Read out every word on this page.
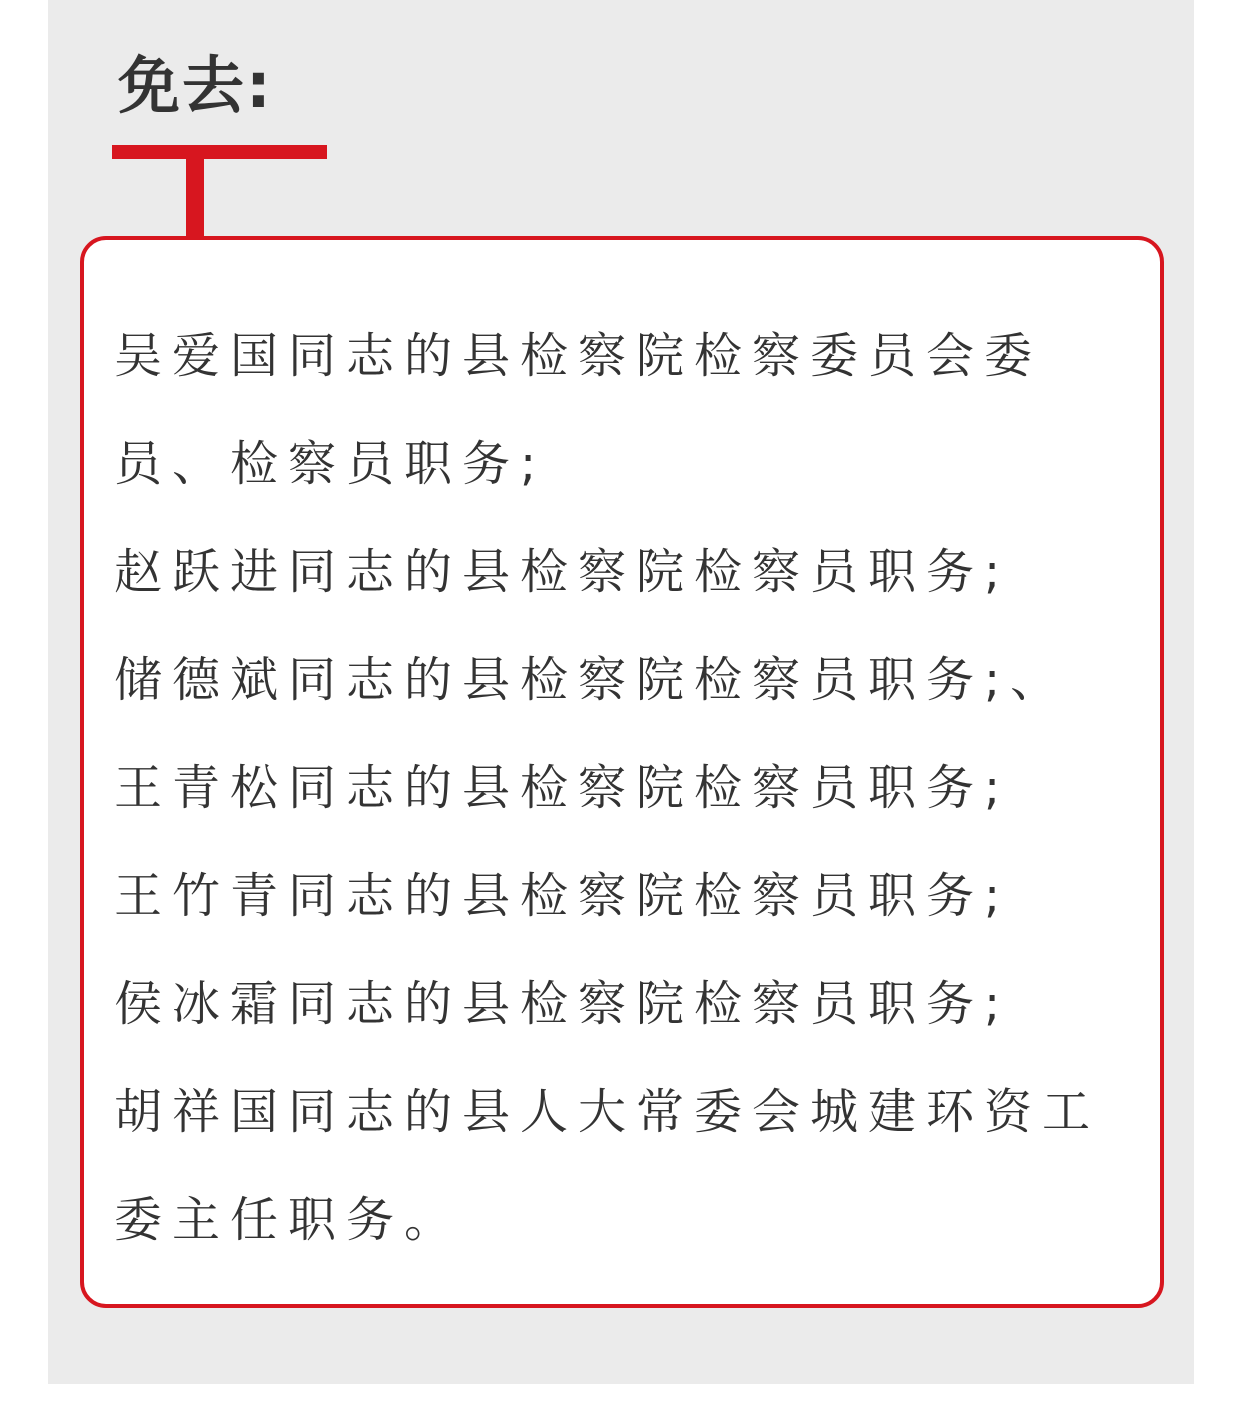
免去:

吴爱国同志的县检察院检察委员会委员、检察员职务;

赵跃进同志的县检察院检察员职务;

储德斌同志的县检察院检察员职务;、

王青松同志的县检察院检察员职务;

王竹青同志的县检察院检察员职务;

侯冰霜同志的县检察院检察员职务;

胡祥国同志的县人大常委会城建环资工委主任职务。
